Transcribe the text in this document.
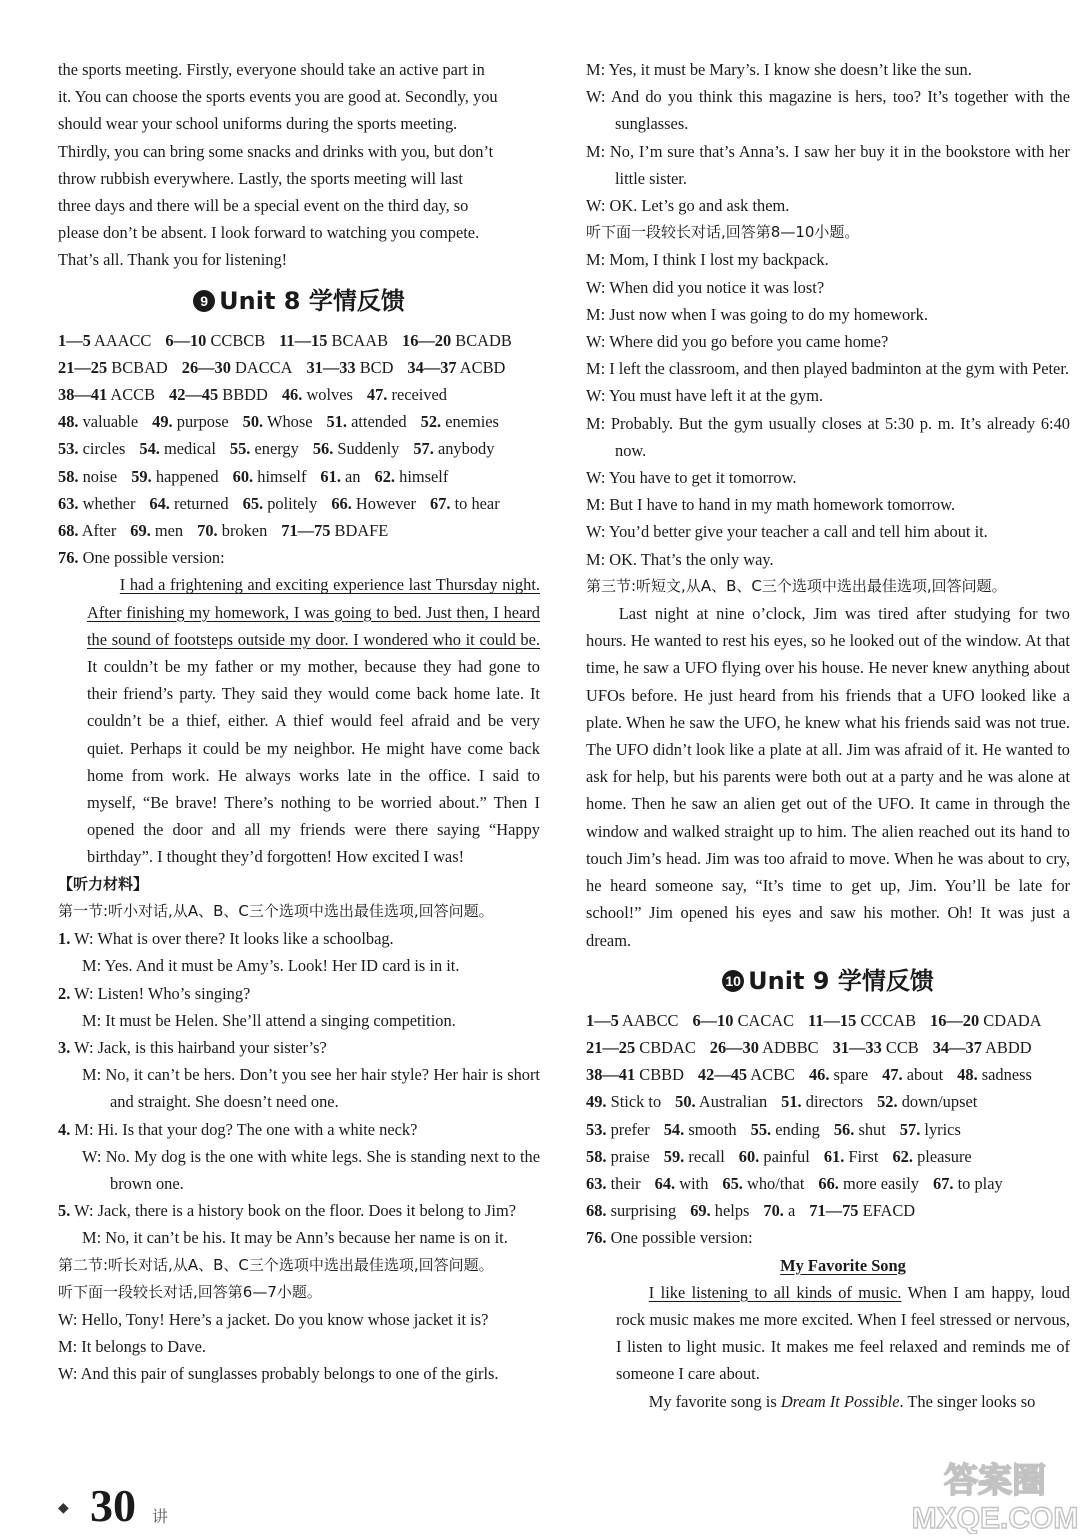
the sports meeting. Firstly, everyone should take an active part in

it. You can choose the sports events you are good at. Secondly, you

should wear your school uniforms during the sports meeting.

Thirdly, you can bring some snacks and drinks with you, but don’t

throw rubbish everywhere. Lastly, the sports meeting will last

three days and there will be a special event on the third day, so

please don’t be absent. I look forward to watching you compete.

That’s all. Thank you for listening!

9 Unit 8 学情反馈

1—5 AAACC 6—10 CCBCB 11—15 BCAAB 16—20 BCADB

21—25 BCBAD 26—30 DACCA 31—33 BCD 34—37 ACBD

38—41 ACCB 42—45 BBDD 46. wolves 47. received

48. valuable 49. purpose 50. Whose 51. attended 52. enemies

53. circles 54. medical 55. energy 56. Suddenly 57. anybody

58. noise 59. happened 60. himself 61. an 62. himself

63. whether 64. returned 65. politely 66. However 67. to hear

68. After 69. men 70. broken 71—75 BDAFE

76. One possible version:

I had a frightening and exciting experience last Thursday night. After finishing my homework, I was going to bed. Just then, I heard the sound of footsteps outside my door. I wondered who it could be. It couldn’t be my father or my mother, because they had gone to their friend’s party. They said they would come back home late. It couldn’t be a thief, either. A thief would feel afraid and be very quiet. Perhaps it could be my neighbor. He might have come back home from work. He always works late in the office. I said to myself, “Be brave! There’s nothing to be worried about.” Then I opened the door and all my friends were there saying “Happy birthday”. I thought they’d forgotten! How excited I was!

【听力材料】

第一节:听小对话,从A、B、C三个选项中选出最佳选项,回答问题。

1. W: What is over there? It looks like a schoolbag.

M: Yes. And it must be Amy’s. Look! Her ID card is in it.

2. W: Listen! Who’s singing?

M: It must be Helen. She’ll attend a singing competition.

3. W: Jack, is this hairband your sister’s?

M: No, it can’t be hers. Don’t you see her hair style? Her hair is short and straight. She doesn’t need one.

4. M: Hi. Is that your dog? The one with a white neck?

W: No. My dog is the one with white legs. She is standing next to the brown one.

5. W: Jack, there is a history book on the floor. Does it belong to Jim?

M: No, it can’t be his. It may be Ann’s because her name is on it.

第二节:听长对话,从A、B、C三个选项中选出最佳选项,回答问题。

听下面一段较长对话,回答第6—7小题。

W: Hello, Tony! Here’s a jacket. Do you know whose jacket it is?

M: It belongs to Dave.

W: And this pair of sunglasses probably belongs to one of the girls.

M: Yes, it must be Mary’s. I know she doesn’t like the sun.

W: And do you think this magazine is hers, too? It’s together with the sunglasses.

M: No, I’m sure that’s Anna’s. I saw her buy it in the bookstore with her little sister.

W: OK. Let’s go and ask them.

听下面一段较长对话,回答第8—10小题。

M: Mom, I think I lost my backpack.

W: When did you notice it was lost?

M: Just now when I was going to do my homework.

W: Where did you go before you came home?

M: I left the classroom, and then played badminton at the gym with Peter.

W: You must have left it at the gym.

M: Probably. But the gym usually closes at 5:30 p. m. It’s already 6:40 now.

W: You have to get it tomorrow.

M: But I have to hand in my math homework tomorrow.

W: You’d better give your teacher a call and tell him about it.

M: OK. That’s the only way.

第三节:听短文,从A、B、C三个选项中选出最佳选项,回答问题。

Last night at nine o’clock, Jim was tired after studying for two hours. He wanted to rest his eyes, so he looked out of the window. At that time, he saw a UFO flying over his house. He never knew anything about UFOs before. He just heard from his friends that a UFO looked like a plate. When he saw the UFO, he knew what his friends said was not true. The UFO didn’t look like a plate at all. Jim was afraid of it. He wanted to ask for help, but his parents were both out at a party and he was alone at home. Then he saw an alien get out of the UFO. It came in through the window and walked straight up to him. The alien reached out its hand to touch Jim’s head. Jim was too afraid to move. When he was about to cry, he heard someone say, “It’s time to get up, Jim. You’ll be late for school!” Jim opened his eyes and saw his mother. Oh! It was just a dream.

10 Unit 9 学情反馈

1—5 AABCC 6—10 CACAC 11—15 CCCAB 16—20 CDADA

21—25 CBDAC 26—30 ADBBC 31—33 CCB 34—37 ABDD

38—41 CBBD 42—45 ACBC 46. spare 47. about 48. sadness

49. Stick to 50. Australian 51. directors 52. down/upset

53. prefer 54. smooth 55. ending 56. shut 57. lyrics

58. praise 59. recall 60. painful 61. First 62. pleasure

63. their 64. with 65. who/that 66. more easily 67. to play

68. surprising 69. helps 70. a 71—75 EFACD

76. One possible version:

My Favorite Song

I like listening to all kinds of music. When I am happy, loud rock music makes me more excited. When I feel stressed or nervous, I listen to light music. It makes me feel relaxed and reminds me of someone I care about.

My favorite song is Dream It Possible. The singer looks so

◆ 30 讲
答案圈
MXQE.COM
